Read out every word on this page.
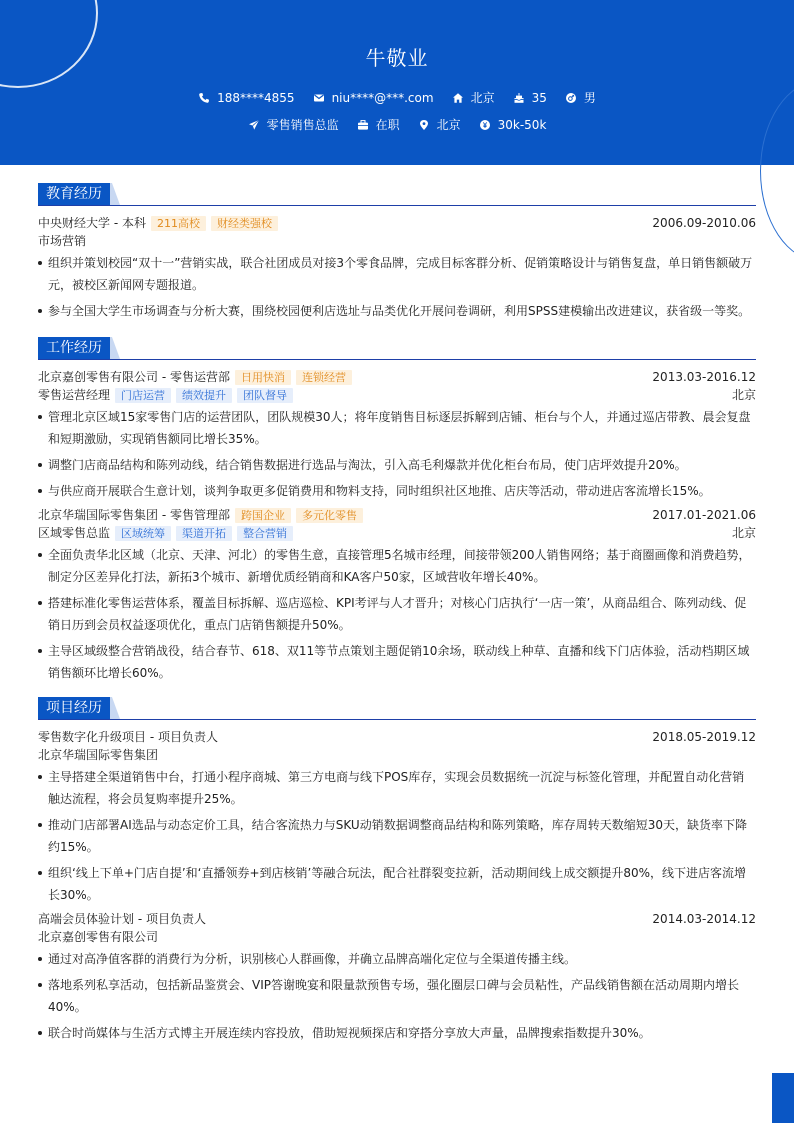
牛敬业
188****4855	niu****@***.com	北京	35	男
零售销售总监	在职	北京	30k-50k
教育经历
中央财经大学 - 本科	211高校	财经类强校	2006.09-2010.06
市场营销
组织并策划校园“双十一”营销实战，联合社团成员对接3个零食品牌，完成目标客群分析、促销策略设计与销售复盘，单日销售额破万元，被校区新闻网专题报道。
参与全国大学生市场调查与分析大赛，围绕校园便利店选址与品类优化开展问卷调研，利用SPSS建模输出改进建议，获省级一等奖。
工作经历
北京嘉创零售有限公司 - 零售运营部	日用快消	连锁经营	2013.03-2016.12
零售运营经理	门店运营	绩效提升	团队督导	北京
管理北京区域15家零售门店的运营团队，团队规模30人；将年度销售目标逐层拆解到店铺、柜台与个人，并通过巡店带教、晨会复盘和短期激励，实现销售额同比增长35%。
调整门店商品结构和陈列动线，结合销售数据进行选品与淘汰，引入高毛利爆款并优化柜台布局，使门店坪效提升20%。
与供应商开展联合生意计划，谈判争取更多促销费用和物料支持，同时组织社区地推、店庆等活动，带动进店客流增长15%。
北京华瑞国际零售集团 - 零售管理部	跨国企业	多元化零售	2017.01-2021.06
区域零售总监	区域统筹	渠道开拓	整合营销	北京
全面负责华北区域（北京、天津、河北）的零售生意，直接管理5名城市经理，间接带领200人销售网络；基于商圈画像和消费趋势，制定分区差异化打法，新拓3个城市、新增优质经销商和KA客户50家，区域营收年增长40%。
搭建标准化零售运营体系，覆盖目标拆解、巡店巡检、KPI考评与人才晋升；对核心门店执行‘一店一策’，从商品组合、陈列动线、促销日历到会员权益逐项优化，重点门店销售额提升50%。
主导区域级整合营销战役，结合春节、618、双11等节点策划主题促销10余场，联动线上种草、直播和线下门店体验，活动档期区域销售额环比增长60%。
项目经历
零售数字化升级项目 - 项目负责人	2018.05-2019.12
北京华瑞国际零售集团
主导搭建全渠道销售中台，打通小程序商城、第三方电商与线下POS库存，实现会员数据统一沉淀与标签化管理，并配置自动化营销触达流程，将会员复购率提升25%。
推动门店部署AI选品与动态定价工具，结合客流热力与SKU动销数据调整商品结构和陈列策略，库存周转天数缩短30天，缺货率下降约15%。
组织‘线上下单+门店自提’和‘直播领券+到店核销’等融合玩法，配合社群裂变拉新，活动期间线上成交额提升80%，线下进店客流增长30%。
高端会员体验计划 - 项目负责人	2014.03-2014.12
北京嘉创零售有限公司
通过对高净值客群的消费行为分析，识别核心人群画像，并确立品牌高端化定位与全渠道传播主线。
落地系列私享活动，包括新品鉴赏会、VIP答谢晚宴和限量款预售专场，强化圈层口碑与会员粘性，产品线销售额在活动周期内增长40%。
联合时尚媒体与生活方式博主开展连续内容投放，借助短视频探店和穿搭分享放大声量，品牌搜索指数提升30%。
